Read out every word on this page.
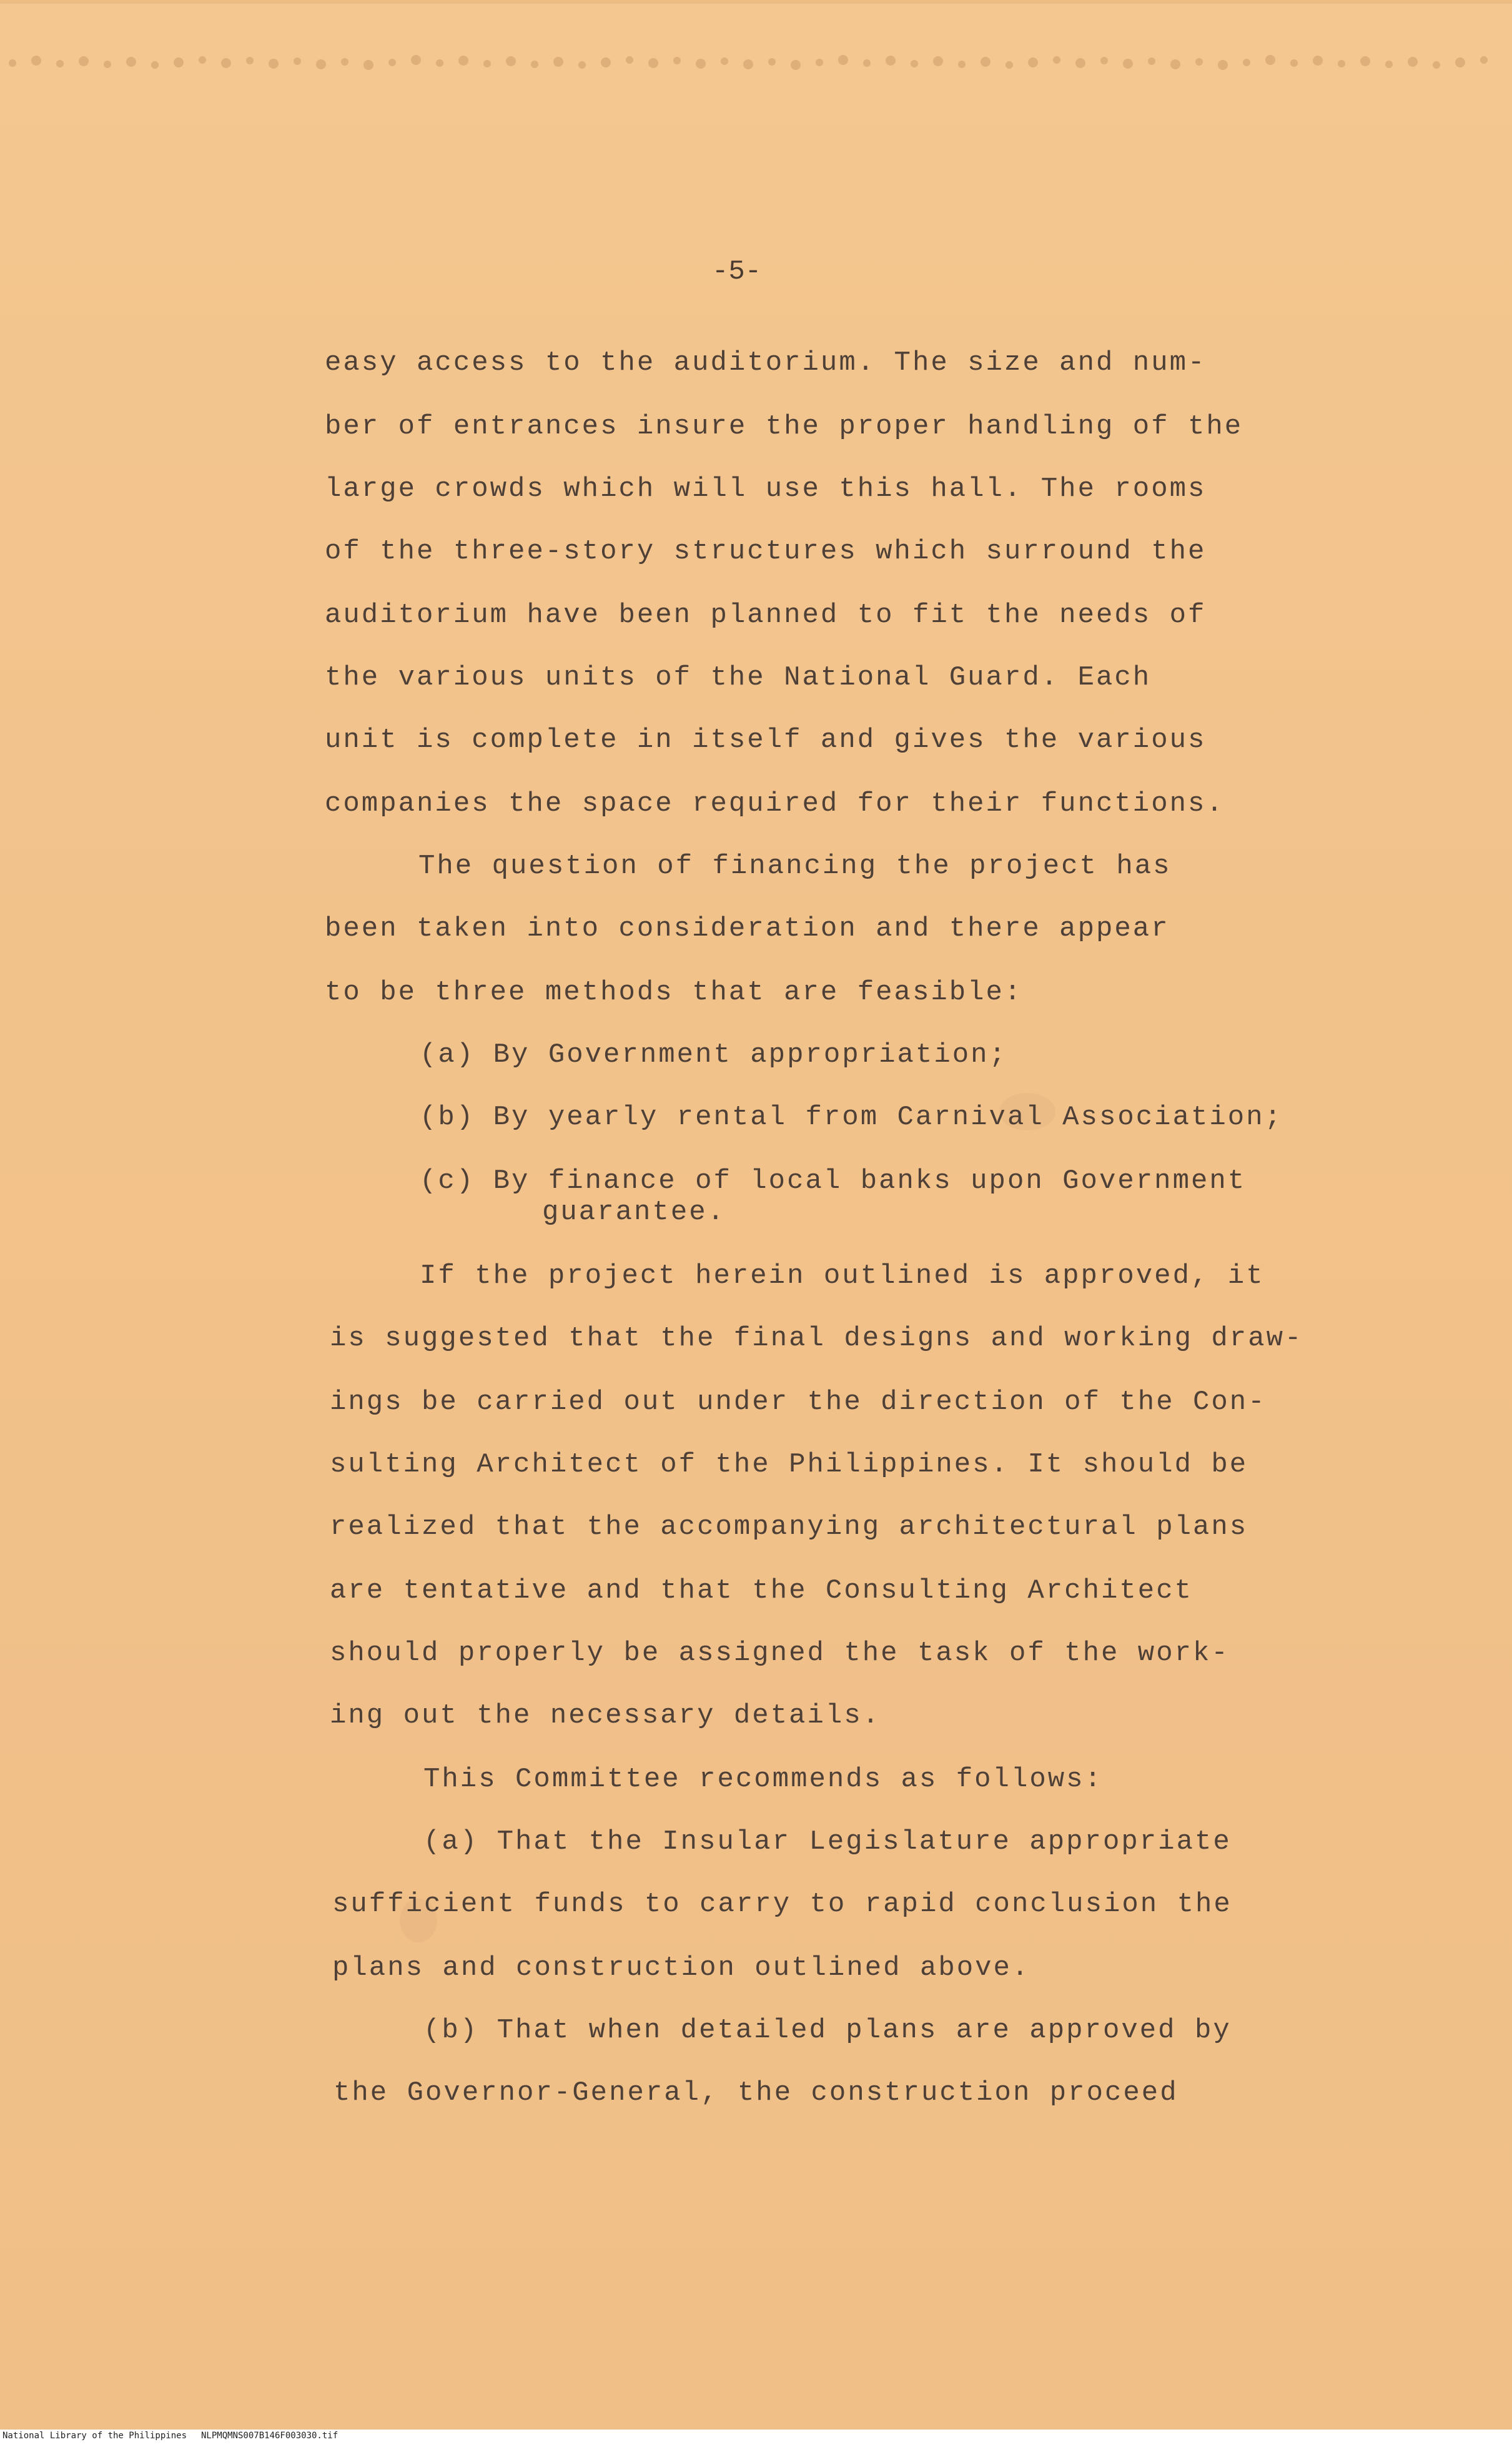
-5-
easy access to the auditorium. The size and num-
ber of entrances insure the proper handling of the
large crowds which will use this hall. The rooms
of the three-story structures which surround the
auditorium have been planned to fit the needs of
the various units of the National Guard. Each
unit is complete in itself and gives the various
companies the space required for their functions.
The question of financing the project has
been taken into consideration and there appear
to be three methods that are feasible:
(a) By Government appropriation;
(b) By yearly rental from Carnival Association;
(c) By finance of local banks upon Government
guarantee.
If the project herein outlined is approved, it
is suggested that the final designs and working draw-
ings be carried out under the direction of the Con-
sulting Architect of the Philippines. It should be
realized that the accompanying architectural plans
are tentative and that the Consulting Architect
should properly be assigned the task of the work-
ing out the necessary details.
This Committee recommends as follows:
(a) That the Insular Legislature appropriate
sufficient funds to carry to rapid conclusion the
plans and construction outlined above.
(b) That when detailed plans are approved by
the Governor-General, the construction proceed
National Library of the Philippines NLPMQMNS007B146F003030.tif
